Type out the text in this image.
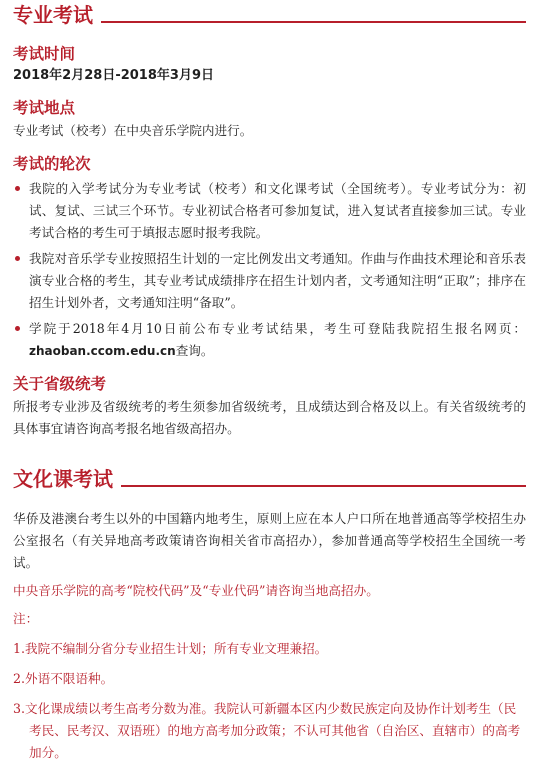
专业考试
考试时间
2018年2月28日-2018年3月9日
考试地点
专业考试（校考）在中央音乐学院内进行。
考试的轮次
我院的入学考试分为专业考试（校考）和文化课考试（全国统考）。专业考试分为：初试、复试、三试三个环节。专业初试合格者可参加复试，进入复试者直接参加三试。专业考试合格的考生可于填报志愿时报考我院。
我院对音乐学专业按照招生计划的一定比例发出文考通知。作曲与作曲技术理论和音乐表演专业合格的考生，其专业考试成绩排序在招生计划内者，文考通知注明“正取”；排序在招生计划外者，文考通知注明“备取”。
学院于2018年4月10日前公布专业考试结果，考生可登陆我院招生报名网页：zhaoban.ccom.edu.cn查询。
关于省级统考
所报考专业涉及省级统考的考生须参加省级统考，且成绩达到合格及以上。有关省级统考的具体事宜请咨询高考报名地省级高招办。
文化课考试
华侨及港澳台考生以外的中国籍内地考生，原则上应在本人户口所在地普通高等学校招生办公室报名（有关异地高考政策请咨询相关省市高招办），参加普通高等学校招生全国统一考试。
中央音乐学院的高考“院校代码”及“专业代码”请咨询当地高招办。
注：
1.我院不编制分省分专业招生计划；所有专业文理兼招。
2.外语不限语种。
3.文化课成绩以考生高考分数为准。我院认可新疆本区内少数民族定向及协作计划考生（民考民、民考汉、双语班）的地方高考加分政策；不认可其他省（自治区、直辖市）的高考加分。
